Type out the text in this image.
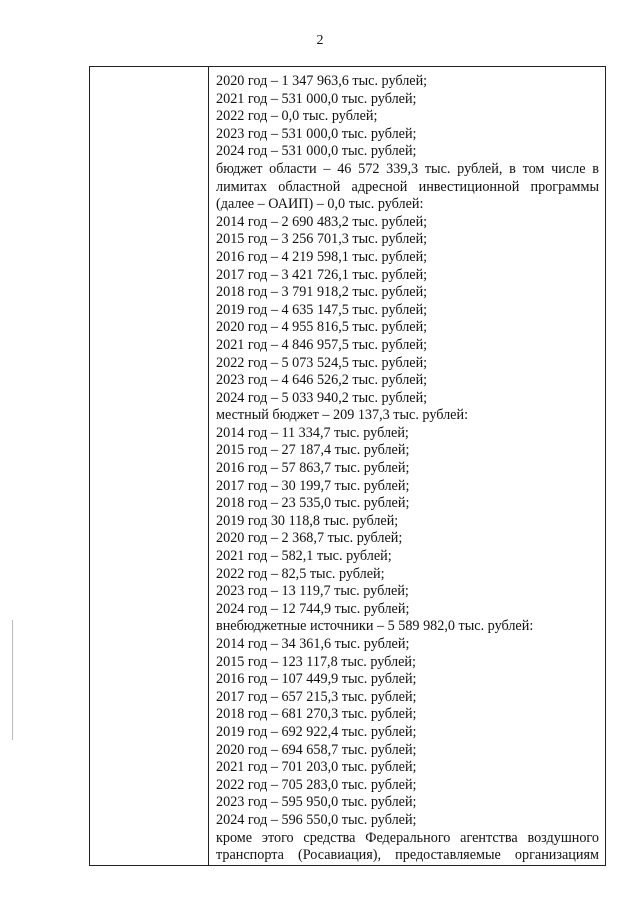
2

2020 год – 1 347 963,6 тыс. рублей;
2021 год – 531 000,0 тыс. рублей;
2022 год – 0,0 тыс. рублей;
2023 год – 531 000,0 тыс. рублей;
2024 год – 531 000,0 тыс. рублей;
бюджет области – 46 572 339,3 тыс. рублей, в том числе в
лимитах областной адресной инвестиционной программы
(далее – ОАИП) – 0,0 тыс. рублей:
2014 год – 2 690 483,2 тыс. рублей;
2015 год – 3 256 701,3 тыс. рублей;
2016 год – 4 219 598,1 тыс. рублей;
2017 год – 3 421 726,1 тыс. рублей;
2018 год – 3 791 918,2 тыс. рублей;
2019 год – 4 635 147,5 тыс. рублей;
2020 год – 4 955 816,5 тыс. рублей;
2021 год – 4 846 957,5 тыс. рублей;
2022 год – 5 073 524,5 тыс. рублей;
2023 год – 4 646 526,2 тыс. рублей;
2024 год – 5 033 940,2 тыс. рублей;
местный бюджет – 209 137,3 тыс. рублей:
2014 год – 11 334,7 тыс. рублей;
2015 год – 27 187,4 тыс. рублей;
2016 год – 57 863,7 тыс. рублей;
2017 год – 30 199,7 тыс. рублей;
2018 год – 23 535,0 тыс. рублей;
2019 год 30 118,8 тыс. рублей;
2020 год – 2 368,7 тыс. рублей;
2021 год – 582,1 тыс. рублей;
2022 год – 82,5 тыс. рублей;
2023 год – 13 119,7 тыс. рублей;
2024 год – 12 744,9 тыс. рублей;
внебюджетные источники – 5 589 982,0 тыс. рублей:
2014 год – 34 361,6 тыс. рублей;
2015 год – 123 117,8 тыс. рублей;
2016 год – 107 449,9 тыс. рублей;
2017 год – 657 215,3 тыс. рублей;
2018 год – 681 270,3 тыс. рублей;
2019 год – 692 922,4 тыс. рублей;
2020 год – 694 658,7 тыс. рублей;
2021 год – 701 203,0 тыс. рублей;
2022 год – 705 283,0 тыс. рублей;
2023 год – 595 950,0 тыс. рублей;
2024 год – 596 550,0 тыс. рублей;
кроме этого средства Федерального агентства воздушного
транспорта (Росавиация), предоставляемые организациям
